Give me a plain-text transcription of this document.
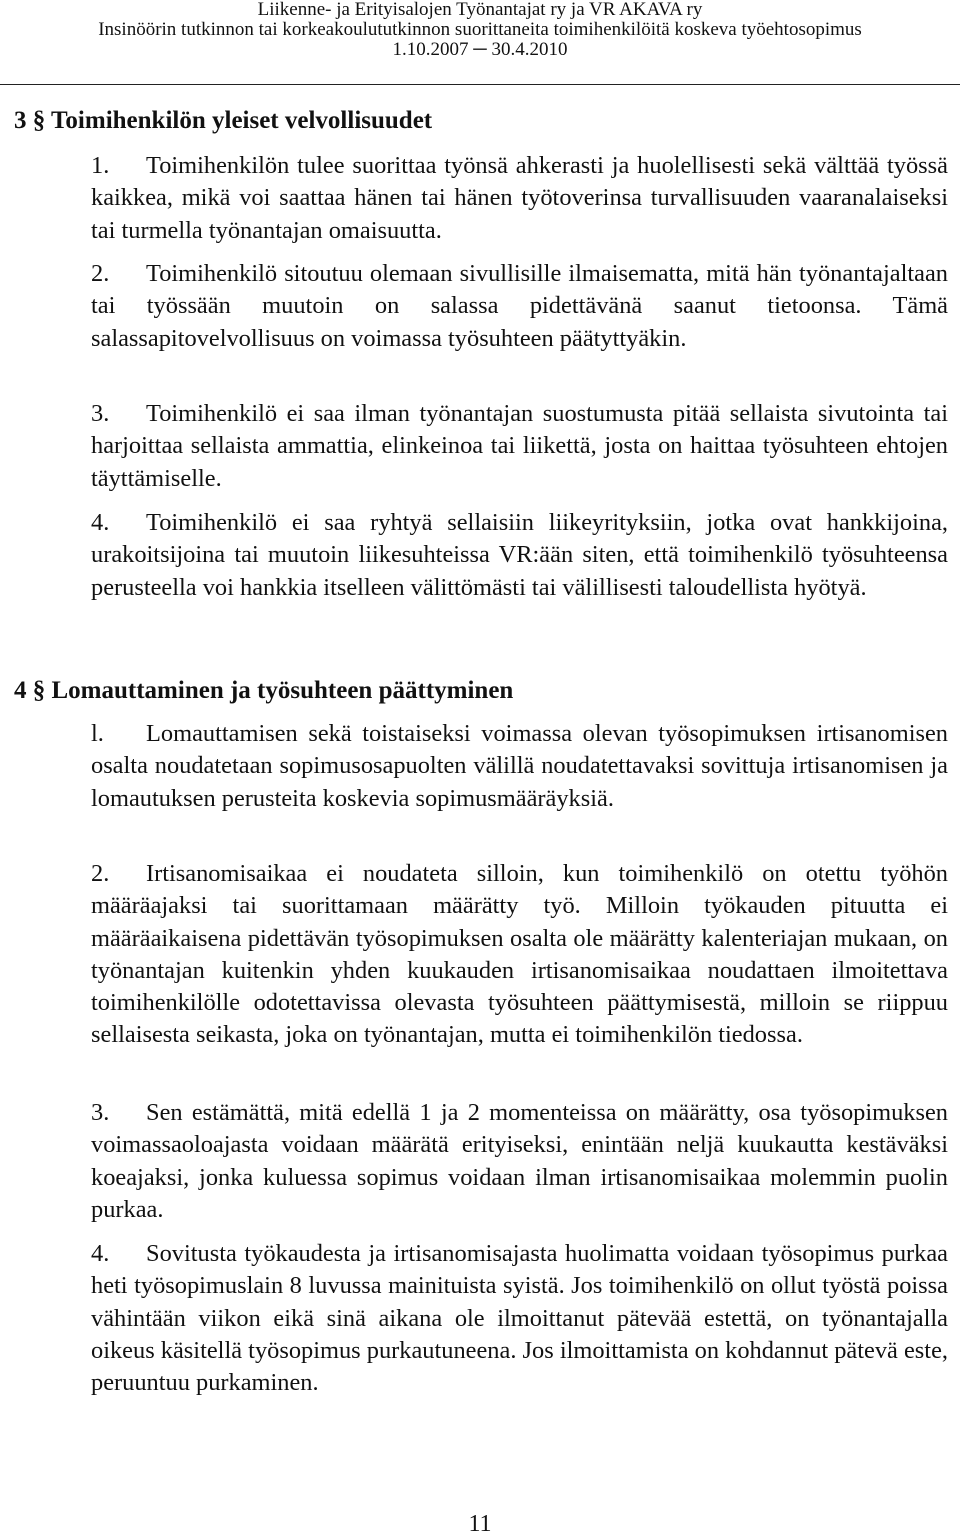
Liikenne- ja Erityisalojen Työnantajat ry ja VR AKAVA ry
Insinöörin tutkinnon tai korkeakoulututkinnon suorittaneita toimihenkilöitä koskeva työehtosopimus
1.10.2007 ─ 30.4.2010
3 § Toimihenkilön yleiset velvollisuudet

1. Toimihenkilön tulee suorittaa työnsä ahkerasti ja huolellisesti sekä välttää työssä kaikkea, mikä voi saattaa hänen tai hänen työtoverinsa turvallisuuden vaaranalaiseksi tai turmella työnantajan omaisuutta.

2. Toimihenkilö sitoutuu olemaan sivullisille ilmaisematta, mitä hän työnantajaltaan tai työssään muutoin on salassa pidettävänä saanut tietoonsa. Tämä salassapitovelvollisuus on voimassa työsuhteen päätyttyäkin.

3. Toimihenkilö ei saa ilman työnantajan suostumusta pitää sellaista sivutointa tai harjoittaa sellaista ammattia, elinkeinoa tai liikettä, josta on haittaa työsuhteen ehtojen täyttämiselle.

4. Toimihenkilö ei saa ryhtyä sellaisiin liikeyrityksiin, jotka ovat hankkijoina, urakoitsijoina tai muutoin liikesuhteissa VR:ään siten, että toimihenkilö työsuhteensa perusteella voi hankkia itselleen välittömästi tai välillisesti taloudellista hyötyä.

4 § Lomauttaminen ja työsuhteen päättyminen

l. Lomauttamisen sekä toistaiseksi voimassa olevan työsopimuksen irtisanomisen osalta noudatetaan sopimusosapuolten välillä noudatettavaksi sovittuja irtisanomisen ja lomautuksen perusteita koskevia sopimusmääräyksiä.

2. Irtisanomisaikaa ei noudateta silloin, kun toimihenkilö on otettu työhön määräajaksi tai suorittamaan määrätty työ. Milloin työkauden pituutta ei määräaikaisena pidettävän työsopimuksen osalta ole määrätty kalenteriajan mukaan, on työnantajan kuitenkin yhden kuukauden irtisanomisaikaa noudattaen ilmoitettava toimihenkilölle odotettavissa olevasta työsuhteen päättymisestä, milloin se riippuu sellaisesta seikasta, joka on työnantajan, mutta ei toimihenkilön tiedossa.

3. Sen estämättä, mitä edellä 1 ja 2 momenteissa on määrätty, osa työsopimuksen voimassaoloajasta voidaan määrätä erityiseksi, enintään neljä kuukautta kestäväksi koeajaksi, jonka kuluessa sopimus voidaan ilman irtisanomisaikaa molemmin puolin purkaa.

4. Sovitusta työkaudesta ja irtisanomisajasta huolimatta voidaan työsopimus purkaa heti työsopimuslain 8 luvussa mainituista syistä. Jos toimihenkilö on ollut työstä poissa vähintään viikon eikä sinä aikana ole ilmoittanut pätevää estettä, on työnantajalla oikeus käsitellä työsopimus purkautuneena. Jos ilmoittamista on kohdannut pätevä este, peruuntuu purkaminen.

11
